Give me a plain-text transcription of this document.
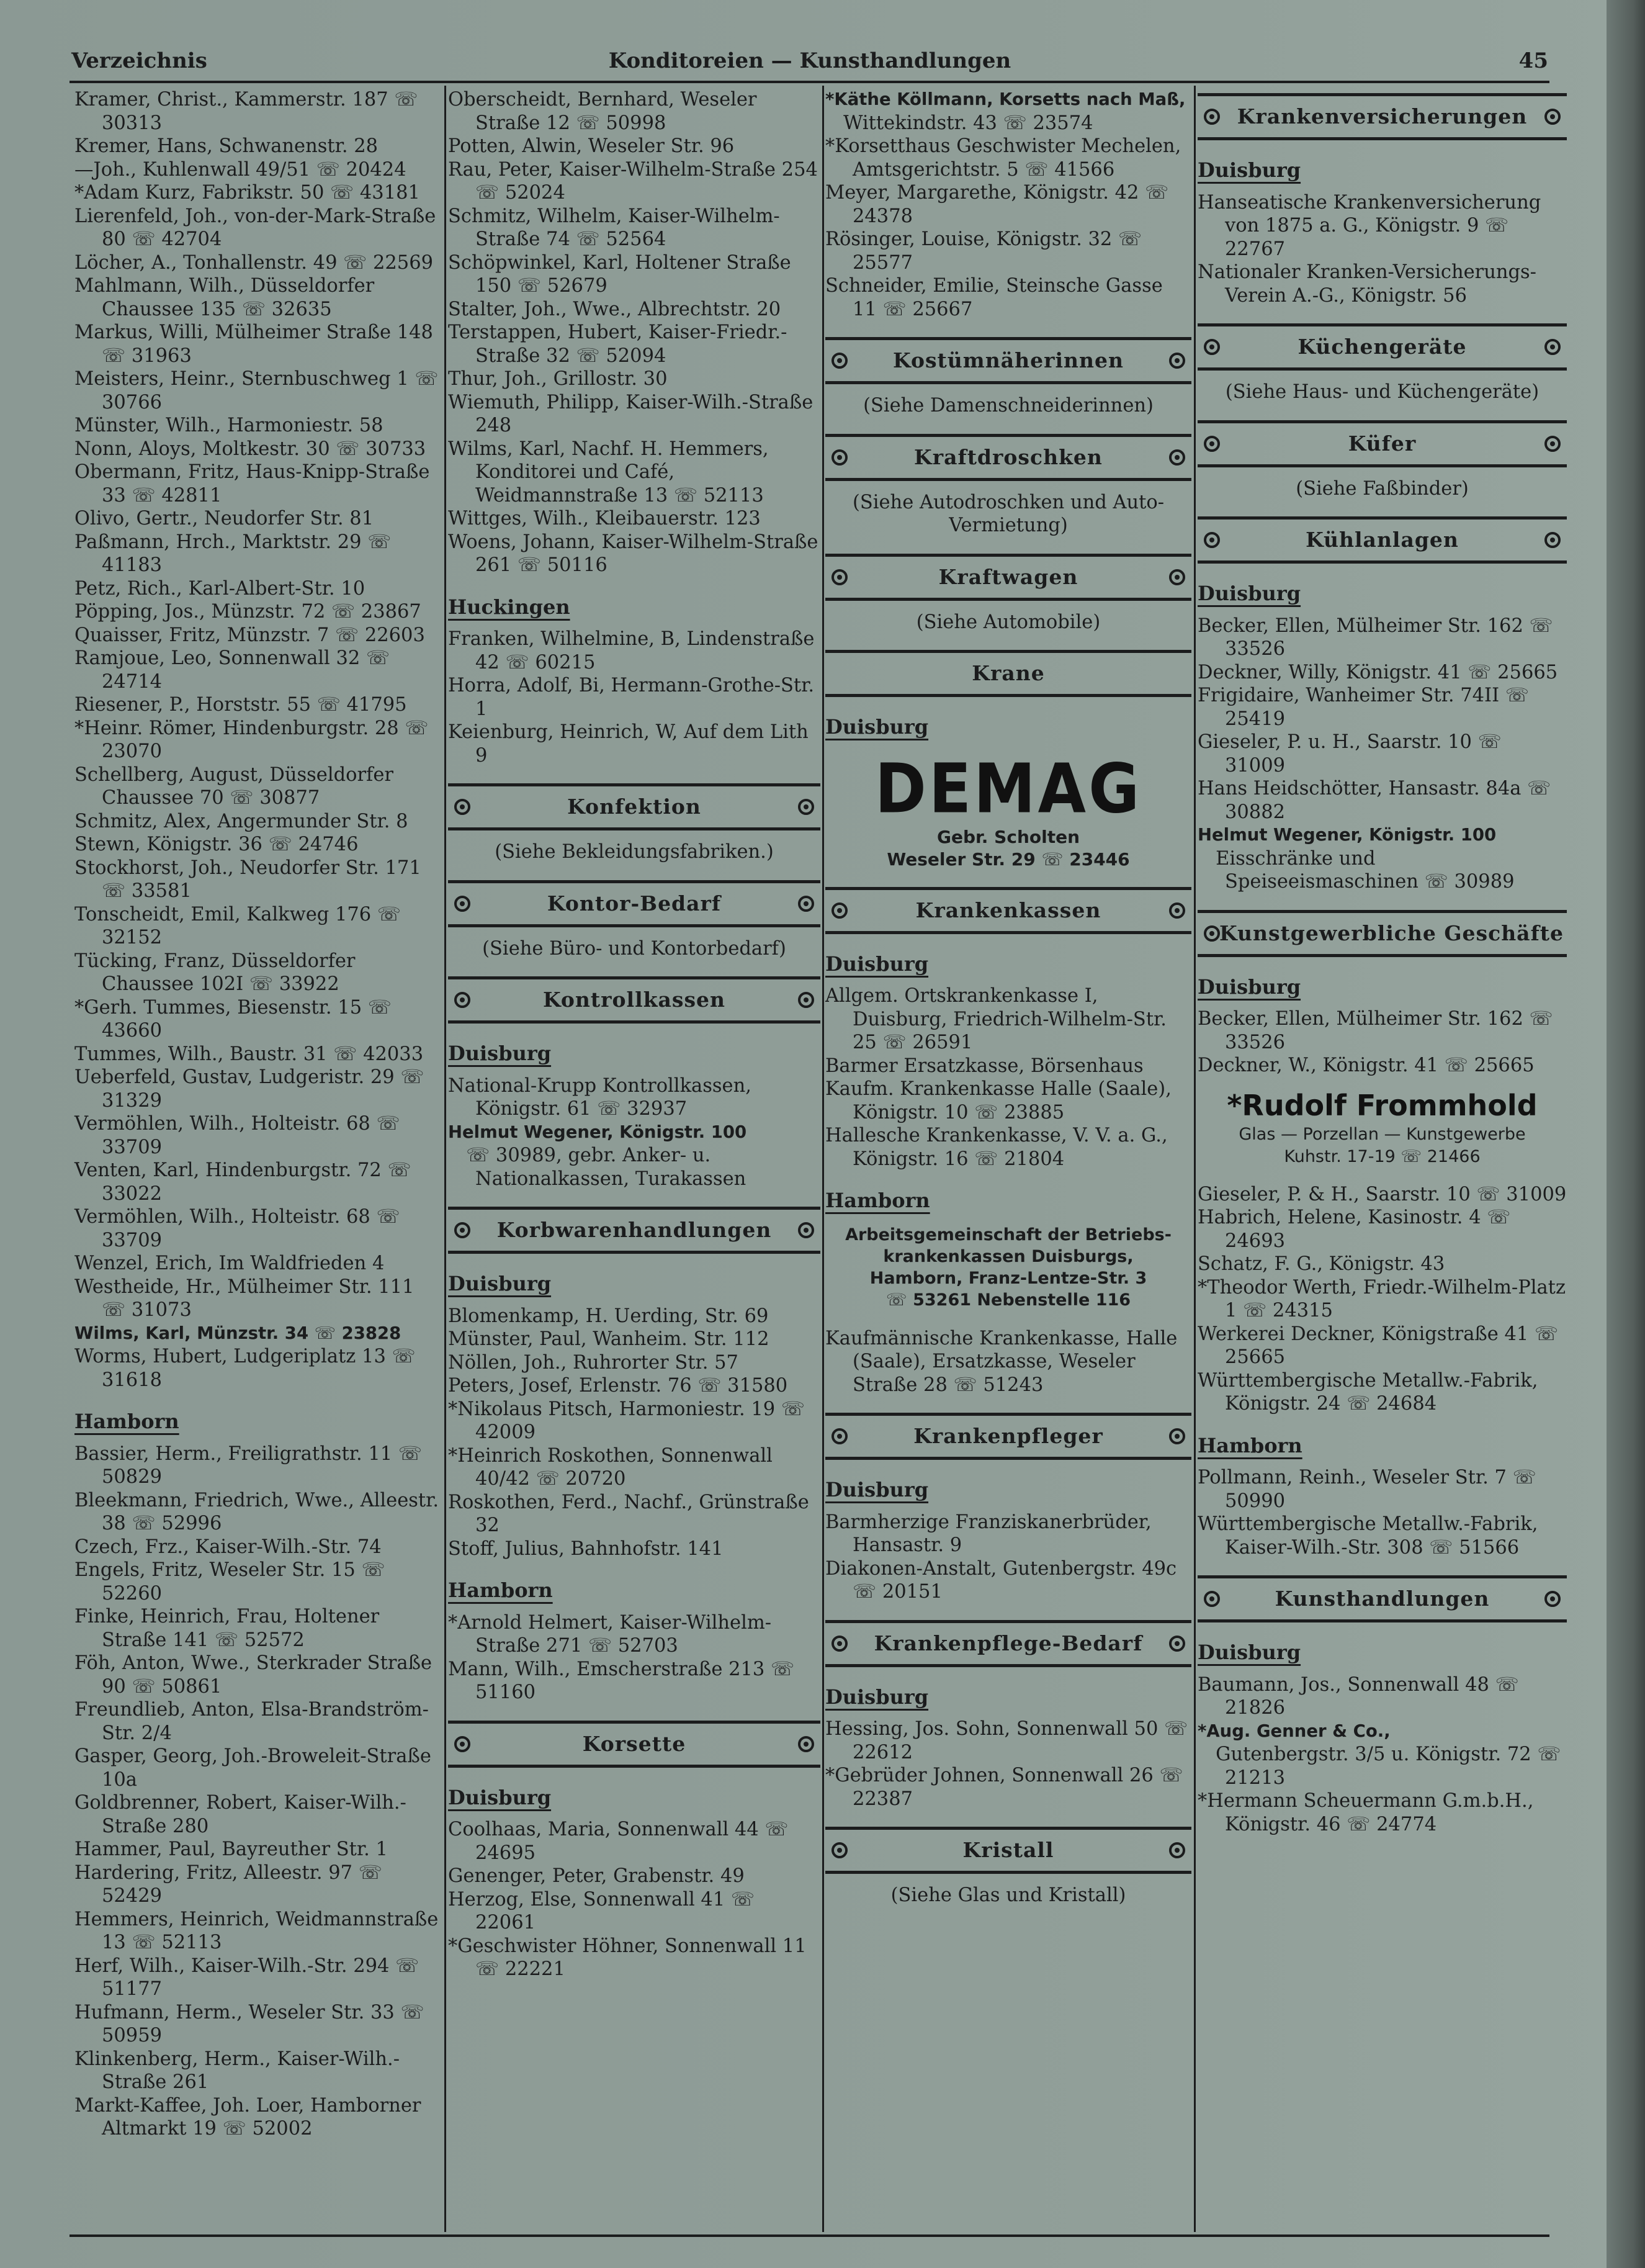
Verzeichnis	Konditoreien — Kunsthandlungen	45

Kramer, Christ., Kammerstr. 187 ☏ 30313

Kremer, Hans, Schwanenstr. 28

—Joh., Kuhlenwall 49/51 ☏ 20424

*Adam Kurz, Fabrikstr. 50 ☏ 43181

Lierenfeld, Joh., von-der-Mark-Straße 80 ☏ 42704

Löcher, A., Tonhallenstr. 49 ☏ 22569

Mahlmann, Wilh., Düsseldorfer Chaussee 135 ☏ 32635

Markus, Willi, Mülheimer Straße 148 ☏ 31963

Meisters, Heinr., Sternbuschweg 1 ☏ 30766

Münster, Wilh., Harmoniestr. 58

Nonn, Aloys, Moltkestr. 30 ☏ 30733

Obermann, Fritz, Haus-Knipp-Straße 33 ☏ 42811

Olivo, Gertr., Neudorfer Str. 81

Paßmann, Hrch., Marktstr. 29 ☏ 41183

Petz, Rich., Karl-Albert-Str. 10

Pöpping, Jos., Münzstr. 72 ☏ 23867

Quaisser, Fritz, Münzstr. 7 ☏ 22603

Ramjoue, Leo, Sonnenwall 32 ☏ 24714

Riesener, P., Horststr. 55 ☏ 41795

*Heinr. Römer, Hindenburgstr. 28 ☏ 23070

Schellberg, August, Düsseldorfer Chaussee 70 ☏ 30877

Schmitz, Alex, Angermunder Str. 8

Stewn, Königstr. 36 ☏ 24746

Stockhorst, Joh., Neudorfer Str. 171 ☏ 33581

Tonscheidt, Emil, Kalkweg 176 ☏ 32152

Tücking, Franz, Düsseldorfer Chaussee 102I ☏ 33922

*Gerh. Tummes, Biesenstr. 15 ☏ 43660

Tummes, Wilh., Baustr. 31 ☏ 42033

Ueberfeld, Gustav, Ludgeristr. 29 ☏ 31329

Vermöhlen, Wilh., Holteistr. 68 ☏ 33709

Venten, Karl, Hindenburgstr. 72 ☏ 33022

Vermöhlen, Wilh., Holteistr. 68 ☏ 33709

Wenzel, Erich, Im Waldfrieden 4

Westheide, Hr., Mülheimer Str. 111 ☏ 31073

Wilms, Karl, Münzstr. 34 ☏ 23828

Worms, Hubert, Ludgeriplatz 13 ☏ 31618

Hamborn

Bassier, Herm., Freiligrathstr. 11 ☏ 50829

Bleekmann, Friedrich, Wwe., Alleestr. 38 ☏ 52996

Czech, Frz., Kaiser-Wilh.-Str. 74

Engels, Fritz, Weseler Str. 15 ☏ 52260

Finke, Heinrich, Frau, Holtener Straße 141 ☏ 52572

Föh, Anton, Wwe., Sterkrader Straße 90 ☏ 50861

Freundlieb, Anton, Elsa-Brandström-Str. 2/4

Gasper, Georg, Joh.-Broweleit-Straße 10a

Goldbrenner, Robert, Kaiser-Wilh.-Straße 280

Hammer, Paul, Bayreuther Str. 1

Hardering, Fritz, Alleestr. 97 ☏ 52429

Hemmers, Heinrich, Weidmannstraße 13 ☏ 52113

Herf, Wilh., Kaiser-Wilh.-Str. 294 ☏ 51177

Hufmann, Herm., Weseler Str. 33 ☏ 50959

Klinkenberg, Herm., Kaiser-Wilh.-Straße 261

Markt-Kaffee, Joh. Loer, Hamborner Altmarkt 19 ☏ 52002

Oberscheidt, Bernhard, Weseler Straße 12 ☏ 50998

Potten, Alwin, Weseler Str. 96

Rau, Peter, Kaiser-Wilhelm-Straße 254 ☏ 52024

Schmitz, Wilhelm, Kaiser-Wilhelm-Straße 74 ☏ 52564

Schöpwinkel, Karl, Holtener Straße 150 ☏ 52679

Stalter, Joh., Wwe., Albrechtstr. 20

Terstappen, Hubert, Kaiser-Friedr.-Straße 32 ☏ 52094

Thur, Joh., Grillostr. 30

Wiemuth, Philipp, Kaiser-Wilh.-Straße 248

Wilms, Karl, Nachf. H. Hemmers, Konditorei und Café, Weidmannstraße 13 ☏ 52113

Wittges, Wilh., Kleibauerstr. 123

Woens, Johann, Kaiser-Wilhelm-Straße 261 ☏ 50116

Huckingen

Franken, Wilhelmine, B, Lindenstraße 42 ☏ 60215

Horra, Adolf, Bi, Hermann-Grothe-Str. 1

Keienburg, Heinrich, W, Auf dem Lith 9

Konfektion
(Siehe Bekleidungsfabriken.)
Kontor-Bedarf
(Siehe Büro- und Kontorbedarf)
Kontrollkassen
Duisburg

National-Krupp Kontrollkassen, Königstr. 61 ☏ 32937

Helmut Wegener, Königstr. 100

☏ 30989, gebr. Anker- u. Nationalkassen, Turakassen

Korbwarenhandlungen
Duisburg

Blomenkamp, H. Uerding, Str. 69

Münster, Paul, Wanheim. Str. 112

Nöllen, Joh., Ruhrorter Str. 57

Peters, Josef, Erlenstr. 76 ☏ 31580

*Nikolaus Pitsch, Harmoniestr. 19 ☏ 42009

*Heinrich Roskothen, Sonnenwall 40/42 ☏ 20720

Roskothen, Ferd., Nachf., Grünstraße 32

Stoff, Julius, Bahnhofstr. 141

Hamborn

*Arnold Helmert, Kaiser-Wilhelm-Straße 271 ☏ 52703

Mann, Wilh., Emscherstraße 213 ☏ 51160

Korsette
Duisburg

Coolhaas, Maria, Sonnenwall 44 ☏ 24695

Genenger, Peter, Grabenstr. 49

Herzog, Else, Sonnenwall 41 ☏ 22061

*Geschwister Höhner, Sonnenwall 11 ☏ 22221

*Käthe Köllmann, Korsetts nach Maß,

Wittekindstr. 43 ☏ 23574

*Korsetthaus Geschwister Mechelen, Amtsgerichtstr. 5 ☏ 41566

Meyer, Margarethe, Königstr. 42 ☏ 24378

Rösinger, Louise, Königstr. 32 ☏ 25577

Schneider, Emilie, Steinsche Gasse 11 ☏ 25667

Kostümnäherinnen
(Siehe Damenschneiderinnen)
Kraftdroschken
(Siehe Autodroschken und Auto-Vermietung)
Kraftwagen
(Siehe Automobile)
Krane
Duisburg
DEMAG
Gebr. Scholten
Weseler Str. 29 ☏ 23446
Krankenkassen
Duisburg

Allgem. Ortskrankenkasse I, Duisburg, Friedrich-Wilhelm-Str. 25 ☏ 26591

Barmer Ersatzkasse, Börsenhaus

Kaufm. Krankenkasse Halle (Saale), Königstr. 10 ☏ 23885

Hallesche Krankenkasse, V. V. a. G., Königstr. 16 ☏ 21804

Hamborn
Arbeitsgemeinschaft der Betriebs-
krankenkassen Duisburgs,
Hamborn, Franz-Lentze-Str. 3
☏ 53261 Nebenstelle 116

Kaufmännische Krankenkasse, Halle (Saale), Ersatzkasse, Weseler Straße 28 ☏ 51243

Krankenpfleger
Duisburg

Barmherzige Franziskanerbrüder, Hansastr. 9

Diakonen-Anstalt, Gutenbergstr. 49c ☏ 20151

Krankenpflege-Bedarf
Duisburg

Hessing, Jos. Sohn, Sonnenwall 50 ☏ 22612

*Gebrüder Johnen, Sonnenwall 26 ☏ 22387

Kristall
(Siehe Glas und Kristall)
Krankenversicherungen
Duisburg

Hanseatische Krankenversicherung von 1875 a. G., Königstr. 9 ☏ 22767

Nationaler Kranken-Versicherungs-Verein A.-G., Königstr. 56

Küchengeräte
(Siehe Haus- und Küchengeräte)
Küfer
(Siehe Faßbinder)
Kühlanlagen
Duisburg

Becker, Ellen, Mülheimer Str. 162 ☏ 33526

Deckner, Willy, Königstr. 41 ☏ 25665

Frigidaire, Wanheimer Str. 74II ☏ 25419

Gieseler, P. u. H., Saarstr. 10 ☏ 31009

Hans Heidschötter, Hansastr. 84a ☏ 30882

Helmut Wegener, Königstr. 100

Eisschränke und Speiseeismaschinen ☏ 30989

Kunstgewerbliche Geschäfte
Duisburg

Becker, Ellen, Mülheimer Str. 162 ☏ 33526

Deckner, W., Königstr. 41 ☏ 25665

*Rudolf Frommhold
Glas — Porzellan — Kunstgewerbe
Kuhstr. 17-19 ☏ 21466

Gieseler, P. & H., Saarstr. 10 ☏ 31009

Habrich, Helene, Kasinostr. 4 ☏ 24693

Schatz, F. G., Königstr. 43

*Theodor Werth, Friedr.-Wilhelm-Platz 1 ☏ 24315

Werkerei Deckner, Königstraße 41 ☏ 25665

Württembergische Metallw.-Fabrik, Königstr. 24 ☏ 24684

Hamborn

Pollmann, Reinh., Weseler Str. 7 ☏ 50990

Württembergische Metallw.-Fabrik, Kaiser-Wilh.-Str. 308 ☏ 51566

Kunsthandlungen
Duisburg

Baumann, Jos., Sonnenwall 48 ☏ 21826

*Aug. Genner & Co.,

Gutenbergstr. 3/5 u. Königstr. 72 ☏ 21213

*Hermann Scheuermann G.m.b.H., Königstr. 46 ☏ 24774
